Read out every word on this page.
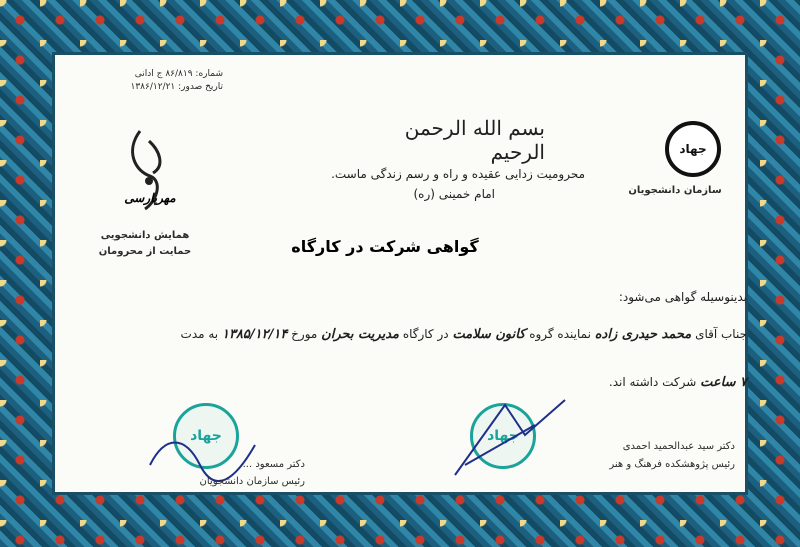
شماره: ۸۶/۸۱۹ ج ادانی
تاریخ صدور: ۱۳۸۶/۱۲/۲۱
بسم الله الرحمن الرحیم
مهرپارسی
همایش دانشجویی
حمایت از محرومان
جهاد
سازمان دانشجویان
محرومیت زدایی عقیده و راه و رسم زندگی ماست.
امام خمینی (ره)
گواهی شرکت در کارگاه
بدینوسیله گواهی می‌شود:
جناب آقای محمد حیدری زاده نماینده گروه کانون سلامت در کارگاه مدیریت بحران مورخ ۱۳۸۵/۱۲/۱۴ به مدت
۷ ساعت شرکت داشته اند.
جهاد
دکتر مسعود ...
رئیس سازمان دانشجویان
جهاد
دکتر سید عبدالحمید احمدی
رئیس پژوهشکده فرهنگ و هنر
